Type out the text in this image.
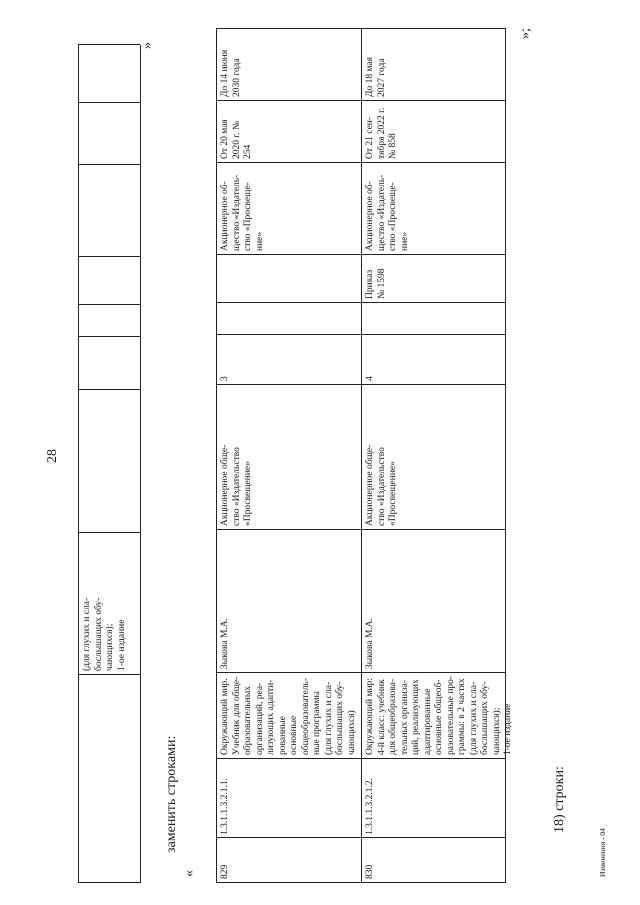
28
(для глухих и сла-
бослышащих обу-
чающихся);
1-ое издание
»
заменить строками:
« 829
1.3.1.1.3.2.1.1.
Окружающий мир.
Учебник для обще-
образовательных
организаций, реа-
лизующих адапти-
рованные основные
общеобразователь-
ные программы
(для глухих и сла-
бослышащих обу-
чающихся)
Зыкова М.А.
Акционерное обще-
ство «Издательство
«Просвещение»
3
Акционерное об-
щество «Издатель-
ство «Просвеще-
ние»
От 20 мая
2020 г. №
254
До 14 июня
2030 года
830
1.3.1.1.3.2.1.2.
Окружающий мир:
4-й класс: учебник
для общеобразова-
тельных организа-
ций, реализующих
адаптированные
основные общеоб-
разовательные про-
граммы: в 2 частях
(для глухих и сла-
бослышащих обу-
чающихся);
1-ое издание
Зыкова М.А.
Акционерное обще-
ство «Издательство
«Просвещение»
4
Приказ
№ 1598
Акционерное об-
щество «Издатель-
ство «Просвеще-
ние»
От 21 сен-
тября 2022 г.
№ 858
До 18 мая
2027 года
»;
18) строки:
Изменения - 04
